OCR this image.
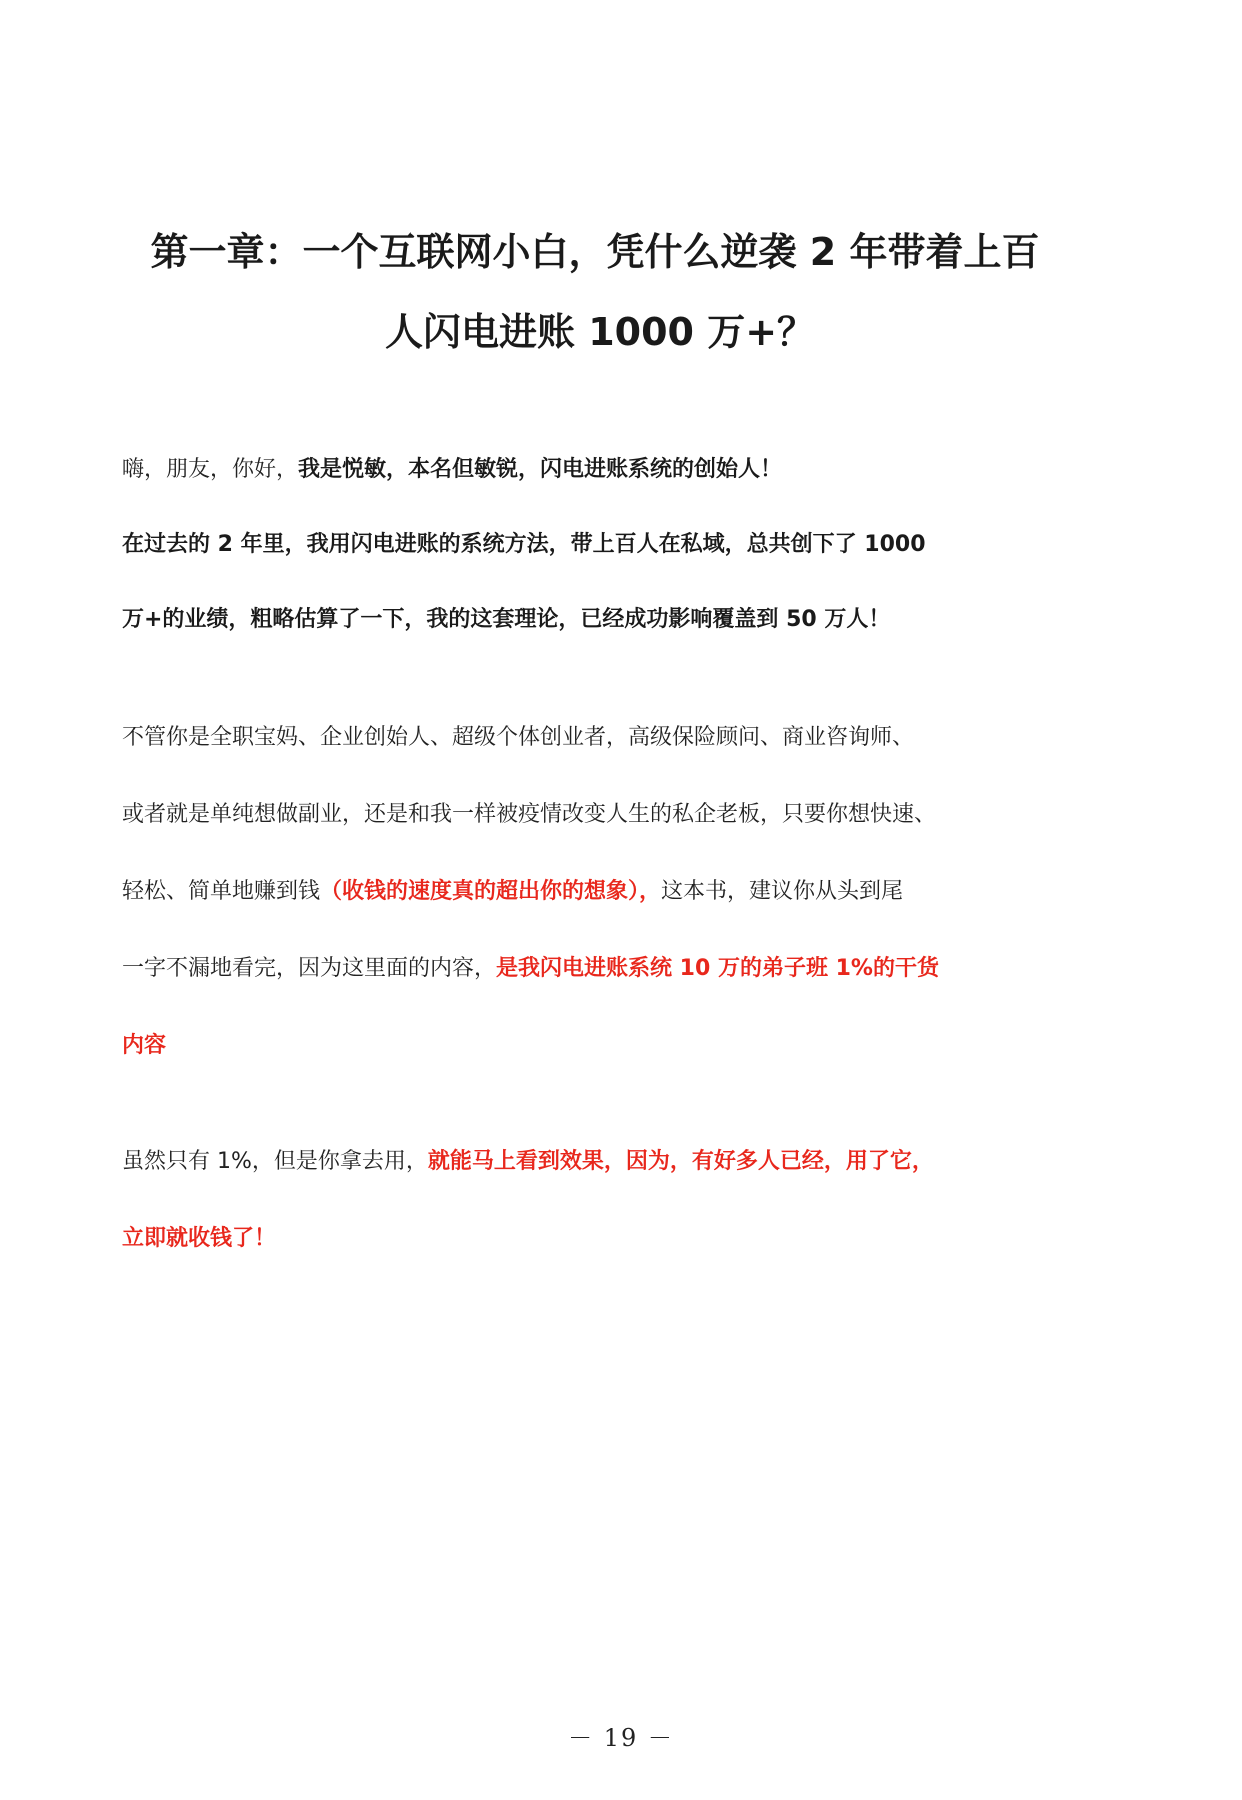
第一章：一个互联网小白，凭什么逆袭 2 年带着上百
人闪电进账 1000 万+？
嗨，朋友，你好，我是悦敏，本名但敏锐，闪电进账系统的创始人！
在过去的 2 年里，我用闪电进账的系统方法，带上百人在私域，总共创下了 1000
万+的业绩，粗略估算了一下，我的这套理论，已经成功影响覆盖到 50 万人！
不管你是全职宝妈、企业创始人、超级个体创业者，高级保险顾问、商业咨询师、
或者就是单纯想做副业，还是和我一样被疫情改变人生的私企老板，只要你想快速、
轻松、简单地赚到钱（收钱的速度真的超出你的想象），这本书，建议你从头到尾
一字不漏地看完，因为这里面的内容，是我闪电进账系统 10 万的弟子班 1%的干货
内容
虽然只有 1%，但是你拿去用，就能马上看到效果，因为，有好多人已经，用了它，
立即就收钱了！
－ 19 －
